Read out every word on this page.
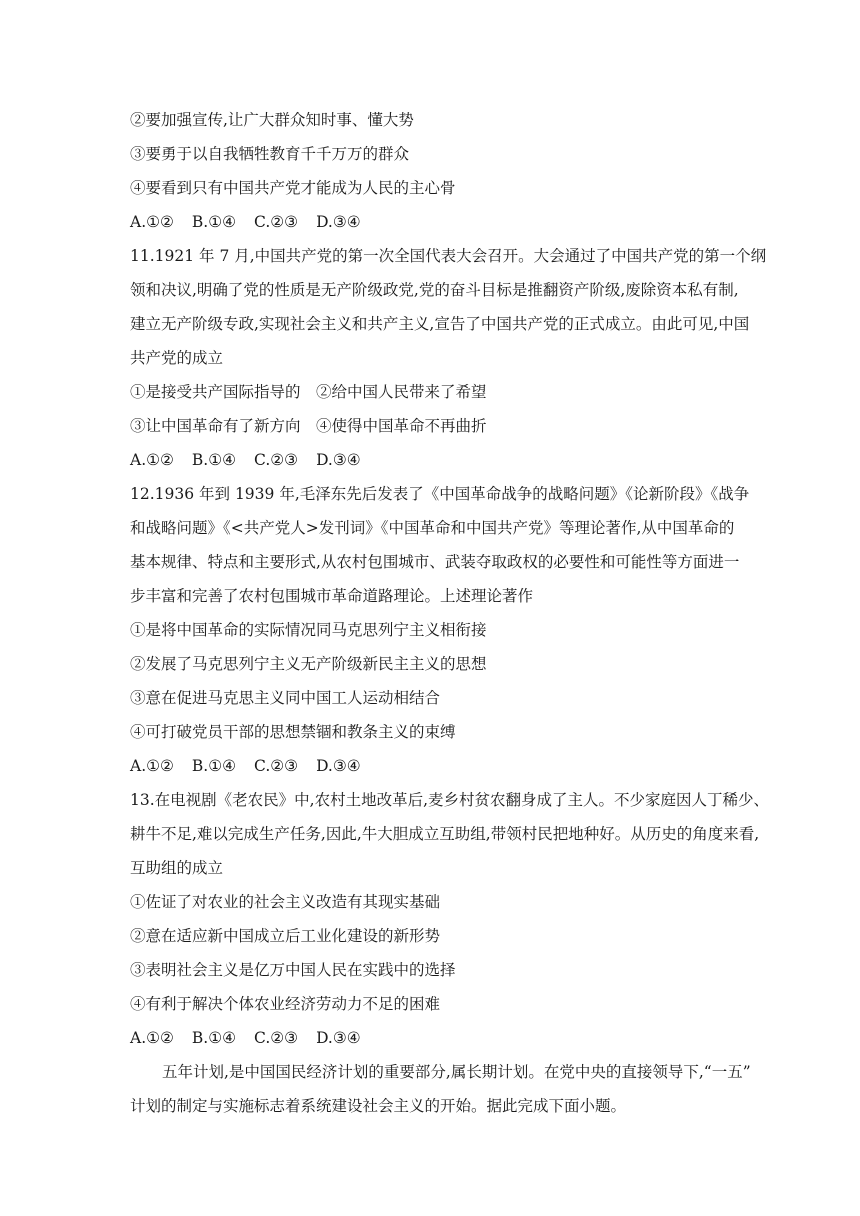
②要加强宣传,让广大群众知时事、懂大势
③要勇于以自我牺牲教育千千万万的群众
④要看到只有中国共产党才能成为人民的主心骨
A.①② B.①④ C.②③ D.③④
11.1921 年 7 月,中国共产党的第一次全国代表大会召开。大会通过了中国共产党的第一个纲
领和决议,明确了党的性质是无产阶级政党,党的奋斗目标是推翻资产阶级,废除资本私有制,
建立无产阶级专政,实现社会主义和共产主义,宣告了中国共产党的正式成立。由此可见,中国
共产党的成立
①是接受共产国际指导的　②给中国人民带来了希望
③让中国革命有了新方向　④使得中国革命不再曲折
A.①② B.①④ C.②③ D.③④
12.1936 年到 1939 年,毛泽东先后发表了《中国革命战争的战略问题》《论新阶段》《战争
和战略问题》《<共产党人>发刊词》《中国革命和中国共产党》等理论著作,从中国革命的
基本规律、特点和主要形式,从农村包围城市、武装夺取政权的必要性和可能性等方面进一
步丰富和完善了农村包围城市革命道路理论。上述理论著作
①是将中国革命的实际情况同马克思列宁主义相衔接
②发展了马克思列宁主义无产阶级新民主主义的思想
③意在促进马克思主义同中国工人运动相结合
④可打破党员干部的思想禁锢和教条主义的束缚
A.①② B.①④ C.②③ D.③④
13.在电视剧《老农民》中,农村土地改革后,麦乡村贫农翻身成了主人。不少家庭因人丁稀少、
耕牛不足,难以完成生产任务,因此,牛大胆成立互助组,带领村民把地种好。从历史的角度来看,
互助组的成立
①佐证了对农业的社会主义改造有其现实基础
②意在适应新中国成立后工业化建设的新形势
③表明社会主义是亿万中国人民在实践中的选择
④有利于解决个体农业经济劳动力不足的困难
A.①② B.①④ C.②③ D.③④
五年计划,是中国国民经济计划的重要部分,属长期计划。在党中央的直接领导下,“一五”
计划的制定与实施标志着系统建设社会主义的开始。据此完成下面小题。
